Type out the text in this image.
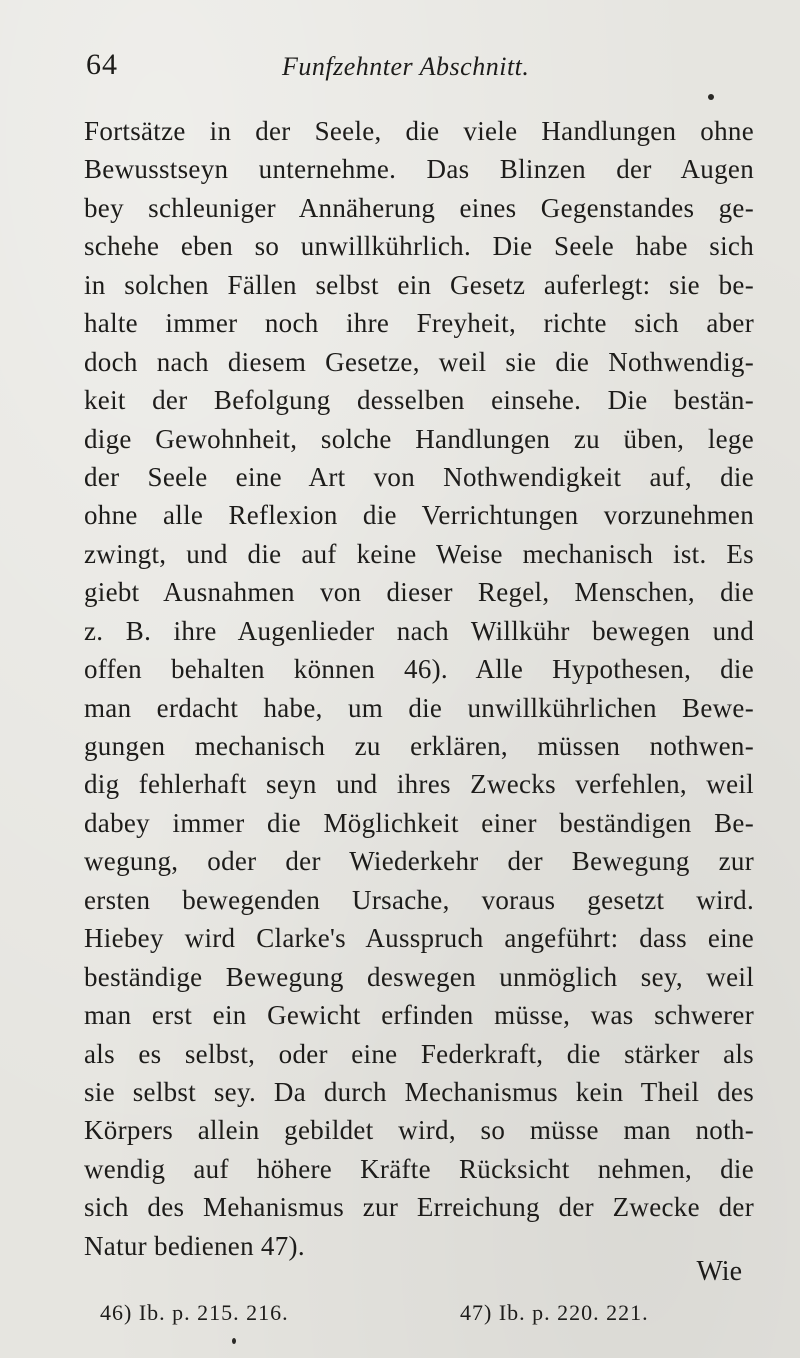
64	Funfzehnter Abschnitt.
Fortsätze in der Seele, die viele Handlungen ohne
Bewusstseyn unternehme. Das Blinzen der Augen
bey schleuniger Annäherung eines Gegenstandes ge-
schehe eben so unwillkührlich. Die Seele habe sich
in solchen Fällen selbst ein Gesetz auferlegt: sie be-
halte immer noch ihre Freyheit, richte sich aber
doch nach diesem Gesetze, weil sie die Nothwendig-
keit der Befolgung desselben einsehe. Die bestän-
dige Gewohnheit, solche Handlungen zu üben, lege
der Seele eine Art von Nothwendigkeit auf, die
ohne alle Reflexion die Verrichtungen vorzunehmen
zwingt, und die auf keine Weise mechanisch ist. Es
giebt Ausnahmen von dieser Regel, Menschen, die
z. B. ihre Augenlieder nach Willkühr bewegen und
offen behalten können 46). Alle Hypothesen, die
man erdacht habe, um die unwillkührlichen Bewe-
gungen mechanisch zu erklären, müssen nothwen-
dig fehlerhaft seyn und ihres Zwecks verfehlen, weil
dabey immer die Möglichkeit einer beständigen Be-
wegung, oder der Wiederkehr der Bewegung zur
ersten bewegenden Ursache, voraus gesetzt wird.
Hiebey wird Clarke's Ausspruch angeführt: dass eine
beständige Bewegung deswegen unmöglich sey, weil
man erst ein Gewicht erfinden müsse, was schwerer
als es selbst, oder eine Federkraft, die stärker als
sie selbst sey. Da durch Mechanismus kein Theil des
Körpers allein gebildet wird, so müsse man noth-
wendig auf höhere Kräfte Rücksicht nehmen, die
sich des Mehanismus zur Erreichung der Zwecke der
Natur bedienen 47).
Wie
46) Ib. p. 215. 216.	47) Ib. p. 220. 221.
